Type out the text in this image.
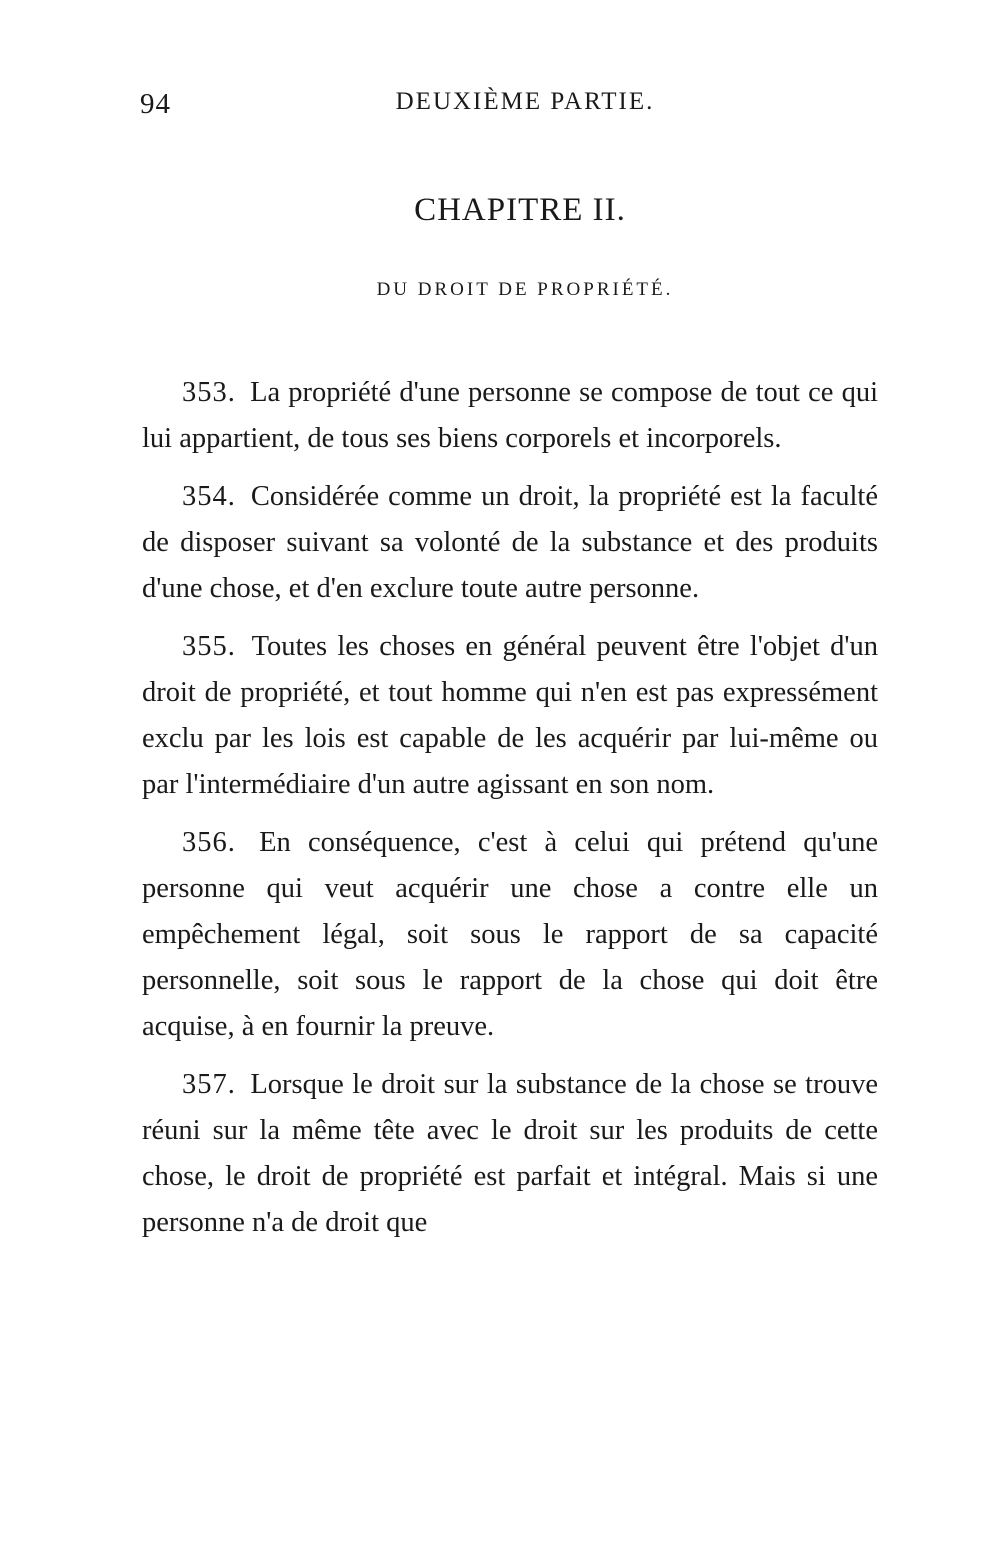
94	DEUXIÈME PARTIE.
CHAPITRE II.
DU DROIT DE PROPRIÉTÉ.

353. La propriété d'une personne se compose de tout ce qui lui appartient, de tous ses biens corporels et incorporels.

354. Considérée comme un droit, la propriété est la faculté de disposer suivant sa volonté de la substance et des produits d'une chose, et d'en exclure toute autre personne.

355. Toutes les choses en général peuvent être l'objet d'un droit de propriété, et tout homme qui n'en est pas expressément exclu par les lois est capable de les acquérir par lui-même ou par l'intermédiaire d'un autre agissant en son nom.

356. En conséquence, c'est à celui qui prétend qu'une personne qui veut acquérir une chose a contre elle un empêchement légal, soit sous le rapport de sa capacité personnelle, soit sous le rapport de la chose qui doit être acquise, à en fournir la preuve.

357. Lorsque le droit sur la substance de la chose se trouve réuni sur la même tête avec le droit sur les produits de cette chose, le droit de propriété est parfait et intégral. Mais si une personne n'a de droit que
